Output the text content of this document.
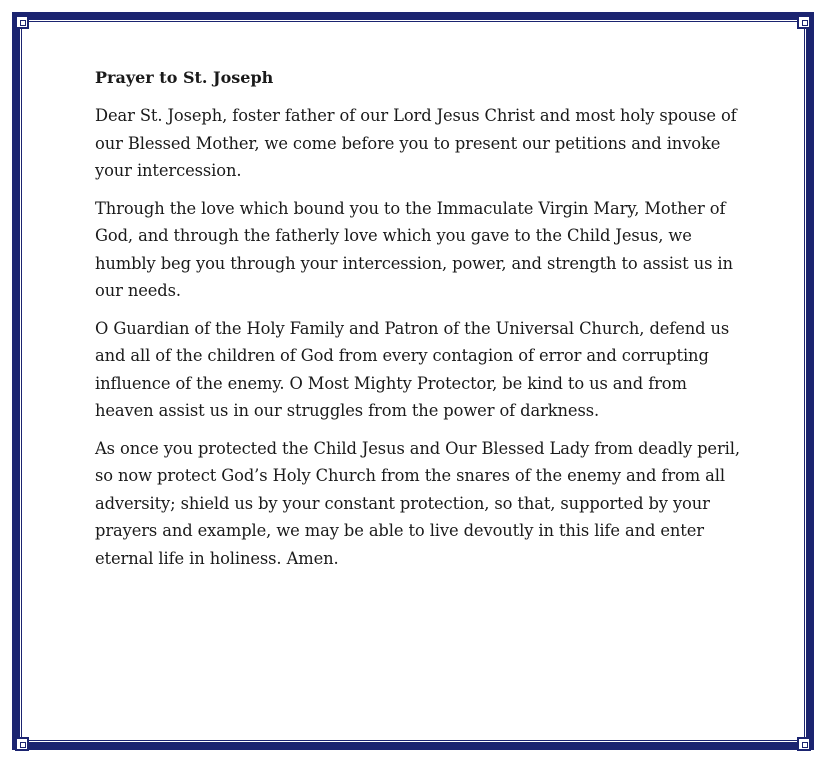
Prayer to St. Joseph

Dear St. Joseph, foster father of our Lord Jesus Christ and most holy spouse of our Blessed Mother, we come before you to present our petitions and invoke your intercession.

Through the love which bound you to the Immaculate Virgin Mary, Mother of God, and through the fatherly love which you gave to the Child Jesus, we humbly beg you through your intercession, power, and strength to assist us in our needs.

O Guardian of the Holy Family and Patron of the Universal Church, defend us and all of the children of God from every contagion of error and corrupting influence of the enemy. O Most Mighty Protector, be kind to us and from heaven assist us in our struggles from the power of darkness.

As once you protected the Child Jesus and Our Blessed Lady from deadly peril, so now protect God’s Holy Church from the snares of the enemy and from all adversity; shield us by your constant protection, so that, supported by your prayers and example, we may be able to live devoutly in this life and enter eternal life in holiness. Amen.
